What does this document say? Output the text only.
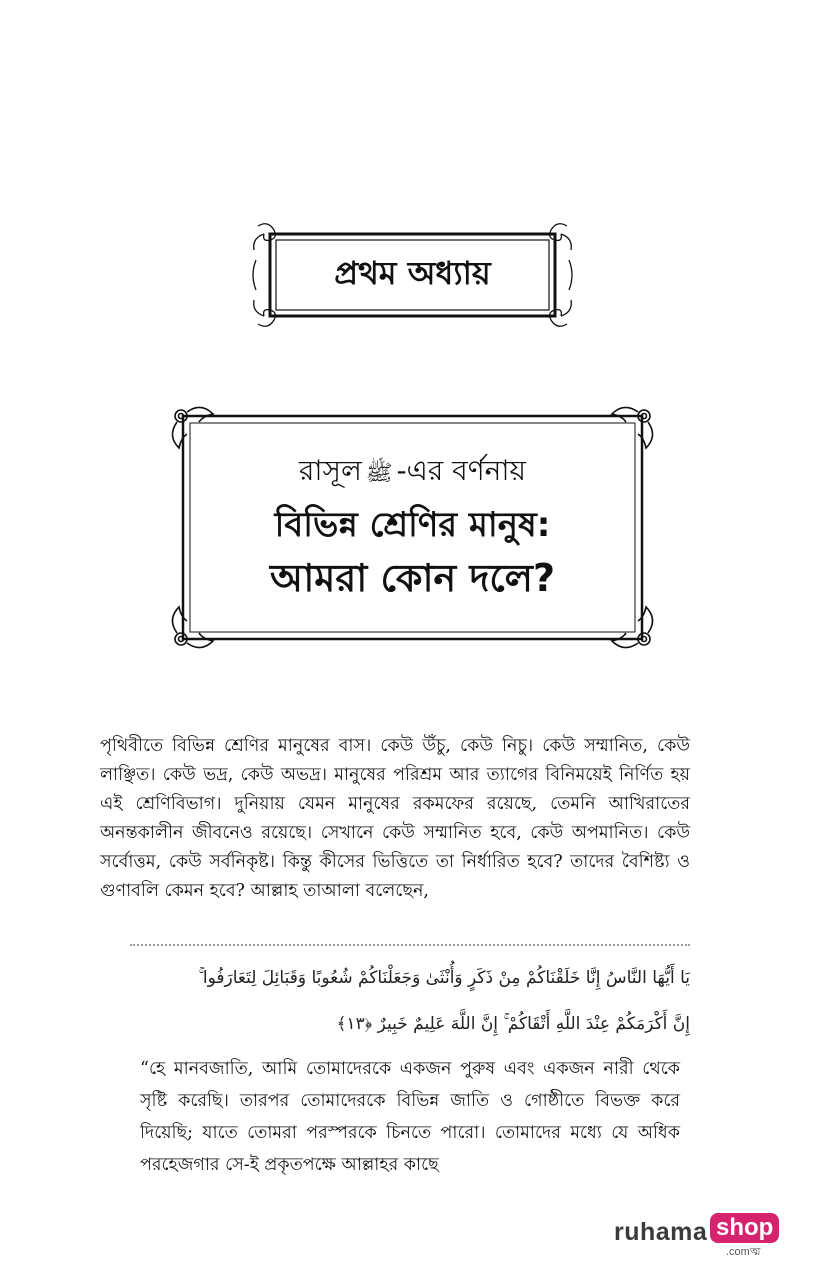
প্রথম অধ্যায়
রাসূল ﷺ -এর বর্ণনায়
বিভিন্ন শ্রেণির মানুষ:
আমরা কোন দলে?

পৃথিবীতে বিভিন্ন শ্রেণির মানুষের বাস। কেউ উঁচু, কেউ নিচু। কেউ সম্মানিত, কেউ লাঞ্ছিত। কেউ ভদ্র, কেউ অভদ্র। মানুষের পরিশ্রম আর ত্যাগের বিনিময়েই নির্ণিত হয় এই শ্রেণিবিভাগ। দুনিয়ায় যেমন মানুষের রকমফের রয়েছে, তেমনি আখিরাতের অনন্তকালীন জীবনেও রয়েছে। সেখানে কেউ সম্মানিত হবে, কেউ অপমানিত। কেউ সর্বোত্তম, কেউ সর্বনিকৃষ্ট। কিন্তু কীসের ভিত্তিতে তা নির্ধারিত হবে? তাদের বৈশিষ্ট্য ও গুণাবলি কেমন হবে? আল্লাহ তাআলা বলেছেন,

يَا أَيُّهَا النَّاسُ إِنَّا خَلَقْنَاكُمْ مِنْ ذَكَرٍ وَأُنْثَىٰ وَجَعَلْنَاكُمْ شُعُوبًا وَقَبَائِلَ لِتَعَارَفُوا ۚ

إِنَّ أَكْرَمَكُمْ عِنْدَ اللَّهِ أَتْقَاكُمْ ۚ إِنَّ اللَّهَ عَلِيمٌ خَبِيرٌ ﴿١٣﴾

“হে মানবজাতি, আমি তোমাদেরকে একজন পুরুষ এবং একজন নারী থেকে সৃষ্টি করেছি। তারপর তোমাদেরকে বিভিন্ন জাতি ও গোষ্ঠীতে বিভক্ত করে দিয়েছি; যাতে তোমরা পরস্পরকে চিনতে পারো। তোমাদের মধ্যে যে অধিক পরহেজগার সে-ই প্রকৃতপক্ষে আল্লাহর কাছে

ruhama shop
.comত্ম
